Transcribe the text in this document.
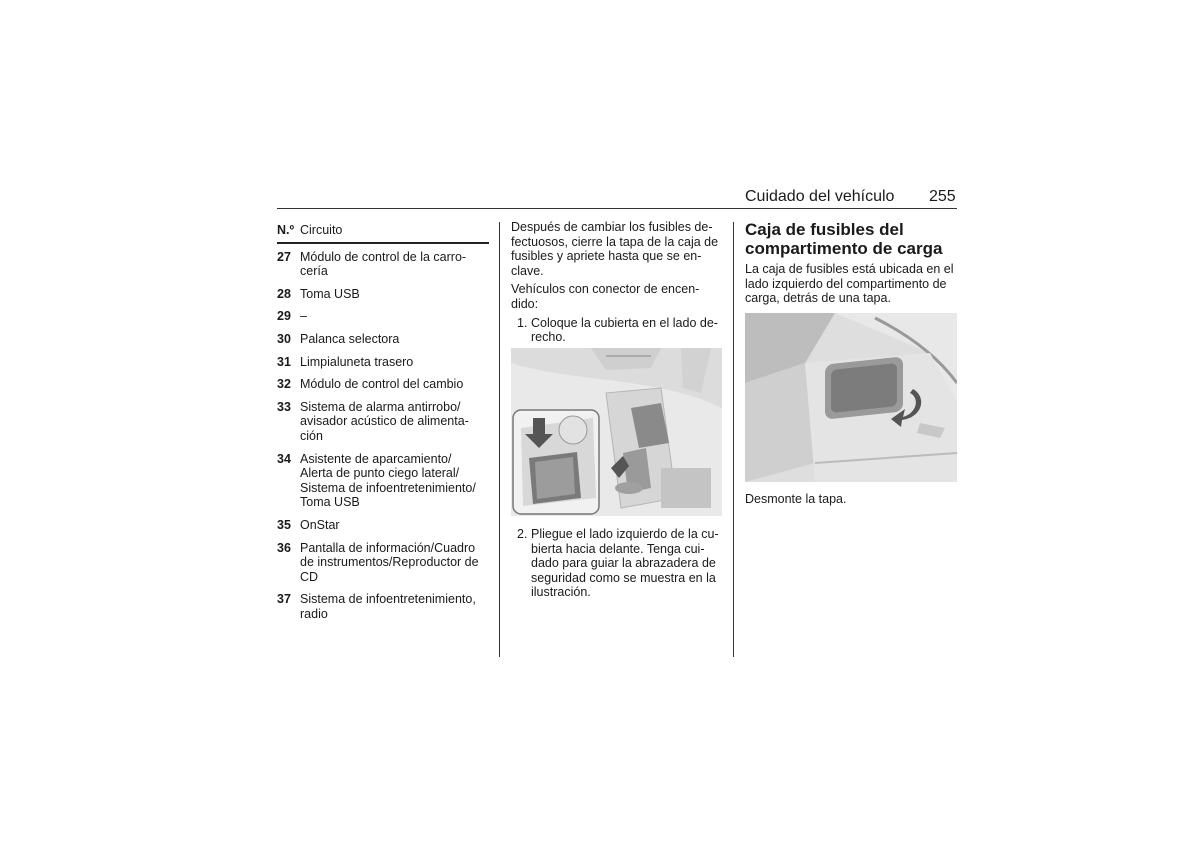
Cuidado del vehículo 255
N.º Circuito
27 Módulo de control de la carro-
cería
28 Toma USB
29 –
30 Palanca selectora
31 Limpialuneta trasero
32 Módulo de control del cambio
33 Sistema de alarma antirrobo/
avisador acústico de alimenta-
ción
34 Asistente de aparcamiento/
Alerta de punto ciego lateral/
Sistema de infoentretenimiento/
Toma USB
35 OnStar
36 Pantalla de información/Cuadro
de instrumentos/Reproductor de
CD
37 Sistema de infoentretenimiento,
radio

Después de cambiar los fusibles de-
fectuosos, cierre la tapa de la caja de
fusibles y apriete hasta que se en-
clave.

Vehículos con conector de encen-
dido:

1. Coloque la cubierta en el lado de-
recho.
2. Pliegue el lado izquierdo de la cu-
bierta hacia delante. Tenga cui-
dado para guiar la abrazadera de
seguridad como se muestra en la
ilustración.
Caja de fusibles del
compartimento de carga

La caja de fusibles está ubicada en el
lado izquierdo del compartimento de
carga, detrás de una tapa.

Desmonte la tapa.
